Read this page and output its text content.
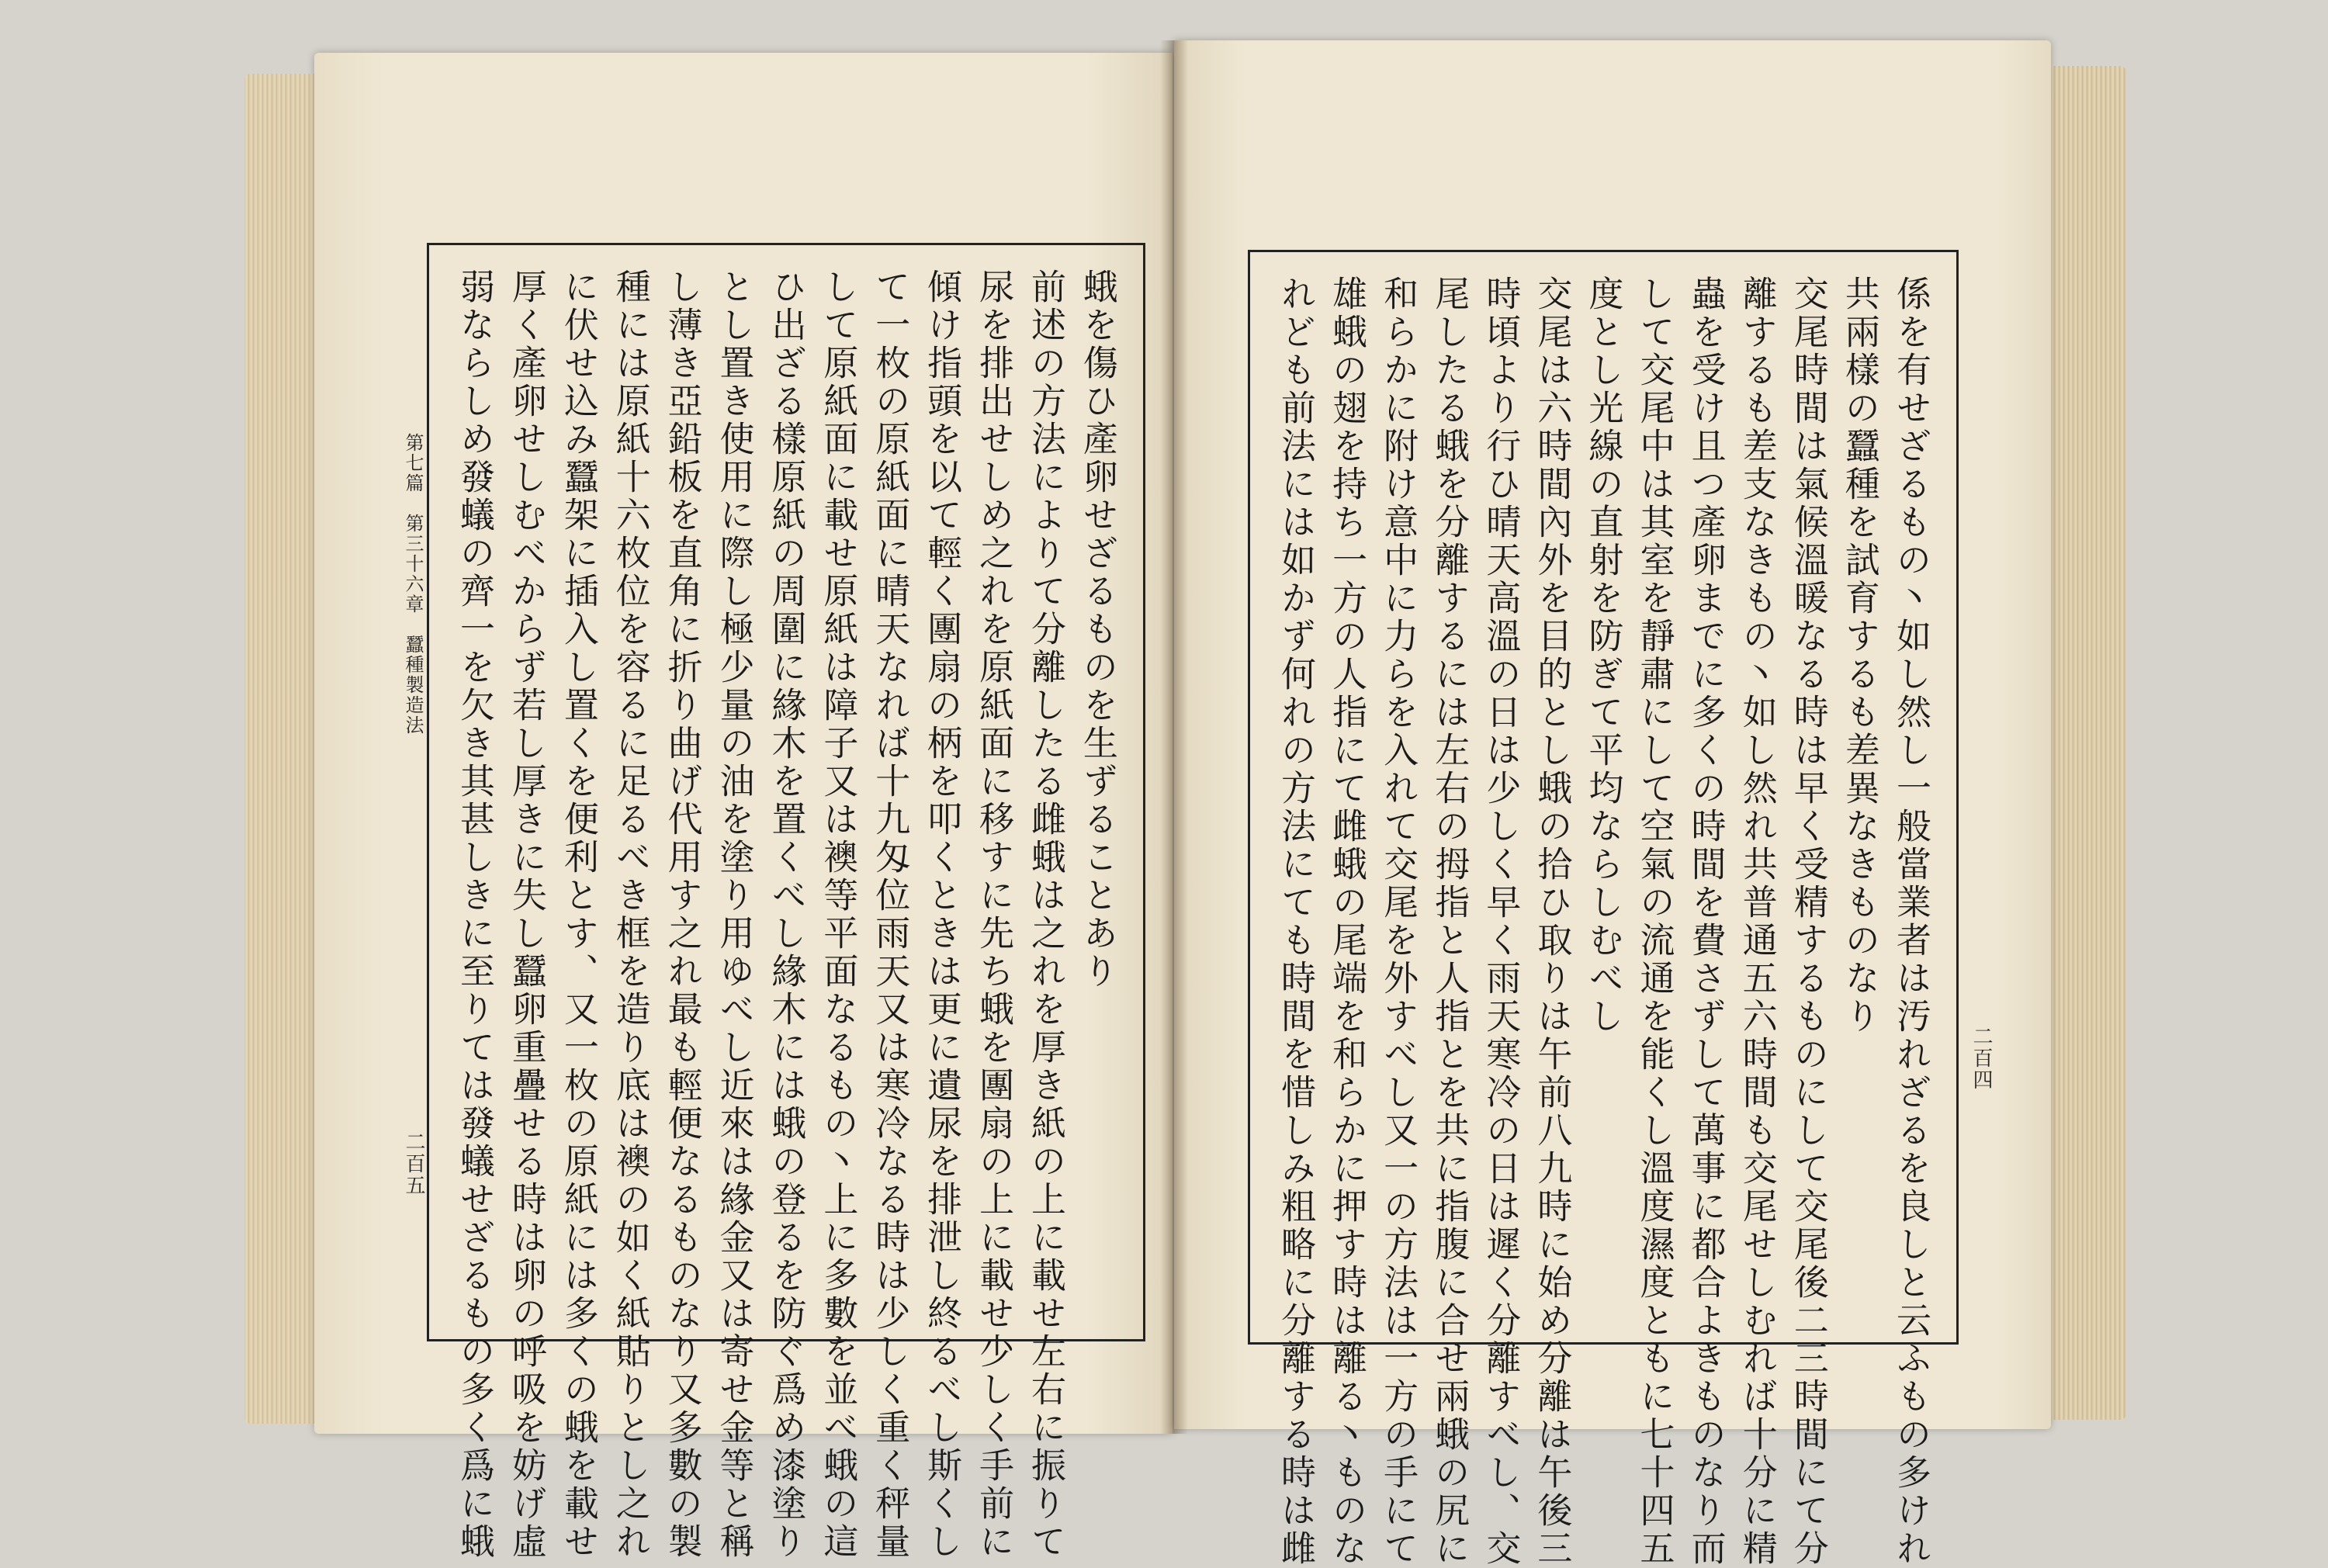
第七篇　第三十六章　蠶種製造法
二百五
蛾を傷ひ產卵せざるものを生ずることあり
前述の方法によりて分離したる雌蛾は之れを厚き紙の上に載せ左右に振りて
尿を排出せしめ之れを原紙面に移すに先ち蛾を團扇の上に載せ少しく手前に
傾け指頭を以て輕く團扇の柄を叩くときは更に遺尿を排泄し終るべし斯くし
て一枚の原紙面に晴天なれば十九匁位雨天又は寒冷なる時は少しく重く秤量
して原紙面に載せ原紙は障子又は襖等平面なるもの丶上に多數を並べ蛾の這
ひ出ざる樣原紙の周圍に緣木を置くべし緣木には蛾の登るを防ぐ爲め漆塗り
とし置き使用に際し極少量の油を塗り用ゆべし近來は緣金又は寄せ金等と稱
し薄き亞鉛板を直角に折り曲げ代用す之れ最も輕便なるものなり又多數の製
種には原紙十六枚位を容るに足るべき框を造り底は襖の如く紙貼りとし之れ
に伏せ込み蠶架に插入し置くを便利とす、又一枚の原紙には多くの蛾を載せ
厚く產卵せしむべからず若し厚きに失し蠶卵重疊せる時は卵の呼吸を妨げ虛
弱ならしめ發蟻の齊一を欠き其甚しきに至りては發蟻せざるもの多く爲に蛾	二百四
係を有せざるもの丶如し然し一般當業者は汚れざるを良しと云ふもの多けれ
共兩樣の蠶種を試育するも差異なきものなり
交尾時間は氣候溫暖なる時は早く受精するものにして交尾後二三時間にて分
離するも差支なきもの丶如し然れ共普通五六時間も交尾せしむれば十分に精
蟲を受け且つ產卵までに多くの時間を費さずして萬事に都合よきものなり而
して交尾中は其室を靜肅にして空氣の流通を能くし溫度濕度ともに七十四五
度とし光線の直射を防ぎて平均ならしむべし
交尾は六時間內外を目的とし蛾の拾ひ取りは午前八九時に始め分離は午後三
時頃より行ひ晴天高溫の日は少しく早く雨天寒冷の日は遲く分離すべし、交
尾したる蛾を分離するには左右の拇指と人指とを共に指腹に合せ兩蛾の尻に
和らかに附け意中に力らを入れて交尾を外すべし又一の方法は一方の手にて
雄蛾の翅を持ち一方の人指にて雌蛾の尾端を和らかに押す時は離る丶ものな
れども前法には如かず何れの方法にても時間を惜しみ粗略に分離する時は雌
